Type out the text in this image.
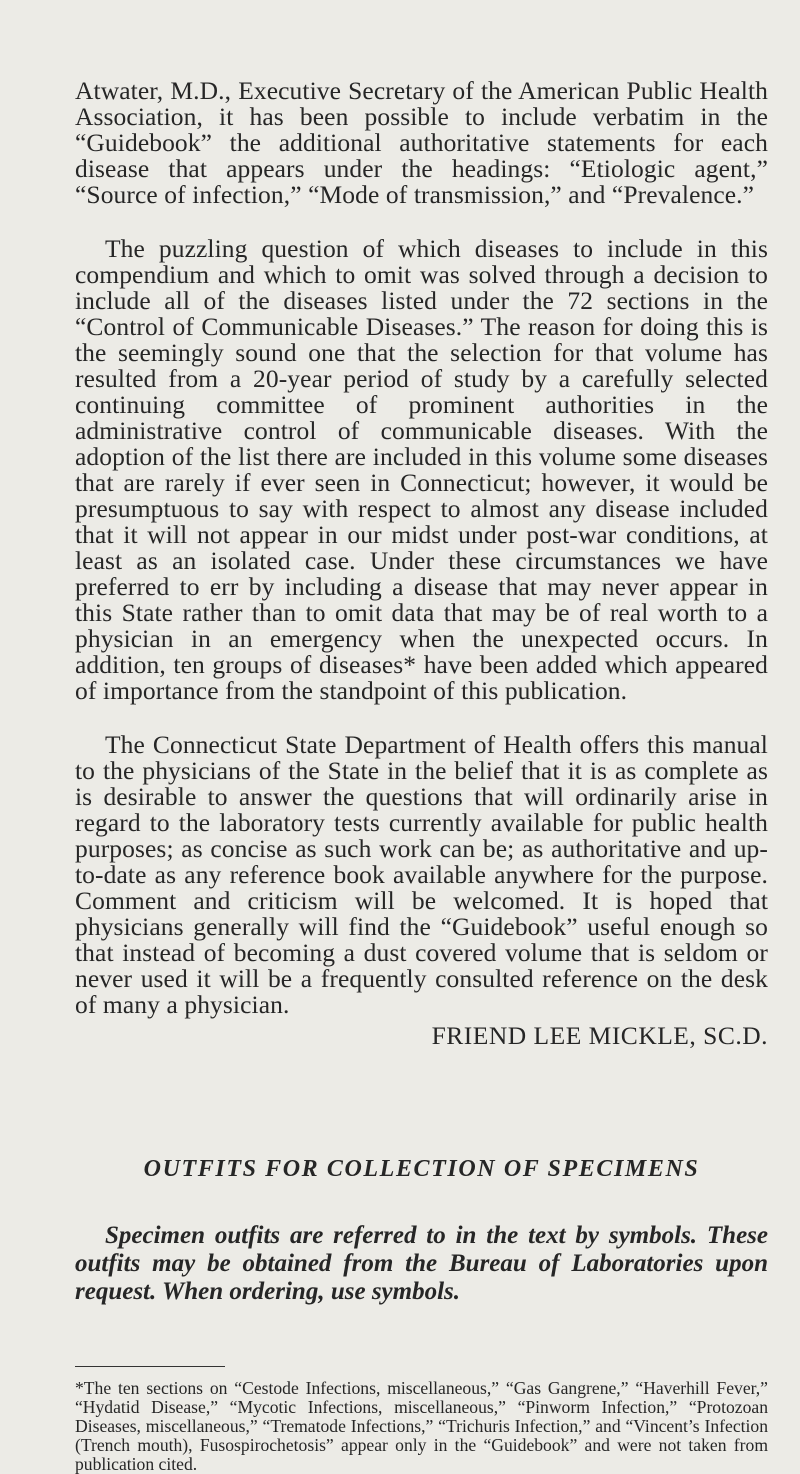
Atwater, M.D., Executive Secretary of the American Public Health Association, it has been possible to include verbatim in the “Guidebook” the additional authoritative statements for each disease that appears under the headings: “Etiologic agent,” “Source of infection,” “Mode of transmission,” and “Prevalence.”

The puzzling question of which diseases to include in this compendium and which to omit was solved through a decision to include all of the diseases listed under the 72 sections in the “Control of Communicable Diseases.” The reason for doing this is the seemingly sound one that the selection for that volume has resulted from a 20-year period of study by a carefully selected continuing committee of prominent authorities in the administrative control of communicable diseases. With the adoption of the list there are included in this volume some diseases that are rarely if ever seen in Connecticut; however, it would be presumptuous to say with respect to almost any disease included that it will not appear in our midst under post-war conditions, at least as an isolated case. Under these circumstances we have preferred to err by including a disease that may never appear in this State rather than to omit data that may be of real worth to a physician in an emergency when the unexpected occurs. In addition, ten groups of diseases* have been added which appeared of importance from the standpoint of this publication.

The Connecticut State Department of Health offers this manual to the physicians of the State in the belief that it is as complete as is desirable to answer the questions that will ordinarily arise in regard to the laboratory tests currently available for public health purposes; as concise as such work can be; as authoritative and up-to-date as any reference book available anywhere for the purpose. Comment and criticism will be welcomed. It is hoped that physicians generally will find the “Guidebook” useful enough so that instead of becoming a dust covered volume that is seldom or never used it will be a frequently consulted reference on the desk of many a physician.

FRIEND LEE MICKLE, SC.D.

OUTFITS FOR COLLECTION OF SPECIMENS

Specimen outfits are referred to in the text by symbols. These outfits may be obtained from the Bureau of Laboratories upon request. When ordering, use symbols.

*The ten sections on “Cestode Infections, miscellaneous,” “Gas Gangrene,” “Haverhill Fever,” “Hydatid Disease,” “Mycotic Infections, miscellaneous,” “Pinworm Infection,” “Protozoan Diseases, miscellaneous,” “Trematode Infections,” “Trichuris Infection,” and “Vincent’s Infection (Trench mouth), Fusospirochetosis” appear only in the “Guidebook” and were not taken from publication cited.
